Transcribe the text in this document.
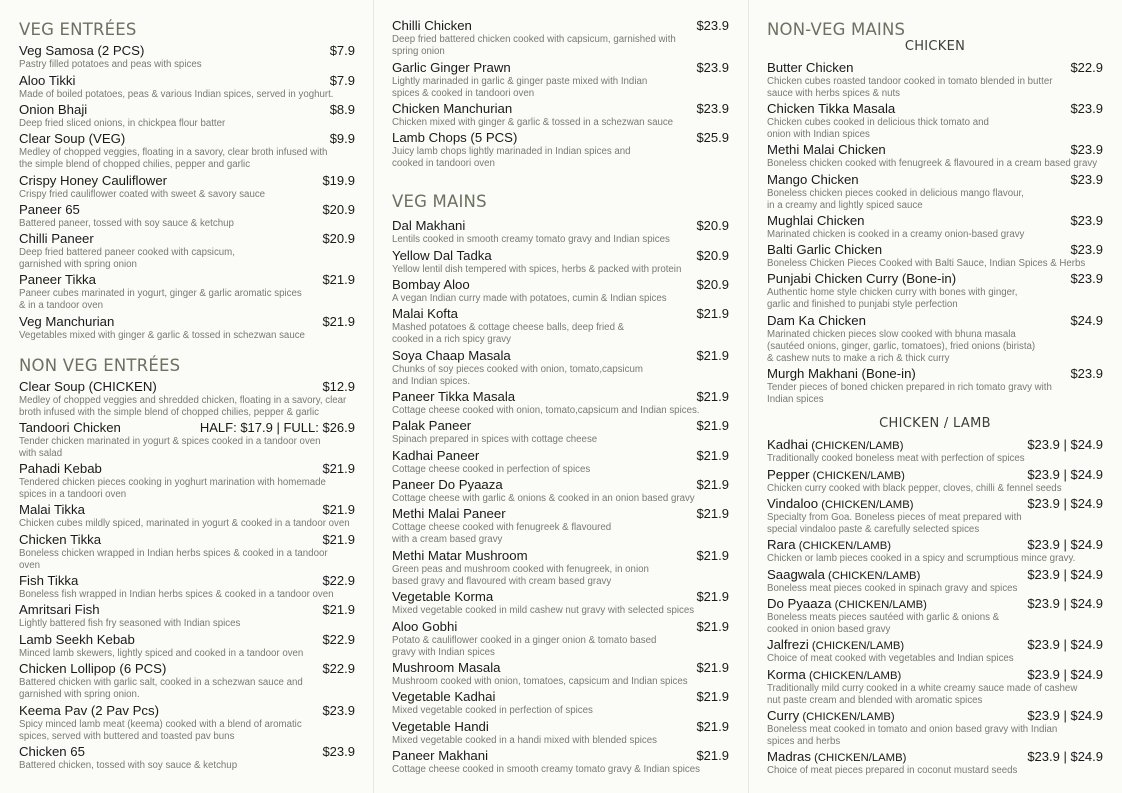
VEG ENTRÉES
Veg Samosa (2 PCS)	$7.9
Pastry filled potatoes and peas with spices
Aloo Tikki	$7.9
Made of boiled potatoes, peas & various Indian spices, served in yoghurt.
Onion Bhaji	$8.9
Deep fried sliced onions, in chickpea flour batter
Clear Soup (VEG)	$9.9
Medley of chopped veggies, floating in a savory, clear broth infused with
the simple blend of chopped chilies, pepper and garlic
Crispy Honey Cauliflower	$19.9
Crispy fried cauliflower coated with sweet & savory sauce
Paneer 65	$20.9
Battered paneer, tossed with soy sauce & ketchup
Chilli Paneer	$20.9
Deep fried battered paneer cooked with capsicum,
garnished with spring onion
Paneer Tikka	$21.9
Paneer cubes marinated in yogurt, ginger & garlic aromatic spices
& in a tandoor oven
Veg Manchurian	$21.9
Vegetables mixed with ginger & garlic & tossed in schezwan sauce
NON VEG ENTRÉES
Clear Soup (CHICKEN)	$12.9
Medley of chopped veggies and shredded chicken, floating in a savory, clear
broth infused with the simple blend of chopped chilies, pepper & garlic
Tandoori Chicken	HALF: $17.9 | FULL: $26.9
Tender chicken marinated in yogurt & spices cooked in a tandoor oven
with salad
Pahadi Kebab	$21.9
Tendered chicken pieces cooking in yoghurt marination with homemade
spices in a tandoori oven
Malai Tikka	$21.9
Chicken cubes mildly spiced, marinated in yogurt & cooked in a tandoor oven
Chicken Tikka	$21.9
Boneless chicken wrapped in Indian herbs spices & cooked in a tandoor
oven
Fish Tikka	$22.9
Boneless fish wrapped in Indian herbs spices & cooked in a tandoor oven
Amritsari Fish	$21.9
Lightly battered fish fry seasoned with Indian spices
Lamb Seekh Kebab	$22.9
Minced lamb skewers, lightly spiced and cooked in a tandoor oven
Chicken Lollipop (6 PCS)	$22.9
Battered chicken with garlic salt, cooked in a schezwan sauce and
garnished with spring onion.
Keema Pav (2 Pav Pcs)	$23.9
Spicy minced lamb meat (keema) cooked with a blend of aromatic
spices, served with buttered and toasted pav buns
Chicken 65	$23.9
Battered chicken, tossed with soy sauce & ketchup
Chilli Chicken	$23.9
Deep fried battered chicken cooked with capsicum, garnished with
spring onion
Garlic Ginger Prawn	$23.9
Lightly marinaded in garlic & ginger paste mixed with Indian
spices & cooked in tandoori oven
Chicken Manchurian	$23.9
Chicken mixed with ginger & garlic & tossed in a schezwan sauce
Lamb Chops (5 PCS)	$25.9
Juicy lamb chops lightly marinaded in Indian spices and
cooked in tandoori oven
VEG MAINS
Dal Makhani	$20.9
Lentils cooked in smooth creamy tomato gravy and Indian spices
Yellow Dal Tadka	$20.9
Yellow lentil dish tempered with spices, herbs & packed with protein
Bombay Aloo	$20.9
A vegan Indian curry made with potatoes, cumin & Indian spices
Malai Kofta	$21.9
Mashed potatoes & cottage cheese balls, deep fried &
cooked in a rich spicy gravy
Soya Chaap Masala	$21.9
Chunks of soy pieces cooked with onion, tomato,capsicum
and Indian spices.
Paneer Tikka Masala	$21.9
Cottage cheese cooked with onion, tomato,capsicum and Indian spices.
Palak Paneer	$21.9
Spinach prepared in spices with cottage cheese
Kadhai Paneer	$21.9
Cottage cheese cooked in perfection of spices
Paneer Do Pyaaza	$21.9
Cottage cheese with garlic & onions & cooked in an onion based gravy
Methi Malai Paneer	$21.9
Cottage cheese cooked with fenugreek & flavoured
with a cream based gravy
Methi Matar Mushroom	$21.9
Green peas and mushroom cooked with fenugreek, in onion
based gravy and flavoured with cream based gravy
Vegetable Korma	$21.9
Mixed vegetable cooked in mild cashew nut gravy with selected spices
Aloo Gobhi	$21.9
Potato & cauliflower cooked in a ginger onion & tomato based
gravy with Indian spices
Mushroom Masala	$21.9
Mushroom cooked with onion, tomatoes, capsicum and Indian spices
Vegetable Kadhai	$21.9
Mixed vegetable cooked in perfection of spices
Vegetable Handi	$21.9
Mixed vegetable cooked in a handi mixed with blended spices
Paneer Makhani	$21.9
Cottage cheese cooked in smooth creamy tomato gravy & Indian spices
NON-VEG MAINS
CHICKEN
Butter Chicken	$22.9
Chicken cubes roasted tandoor cooked in tomato blended in butter
sauce with herbs spices & nuts
Chicken Tikka Masala	$23.9
Chicken cubes cooked in delicious thick tomato and
onion with Indian spices
Methi Malai Chicken	$23.9
Boneless chicken cooked with fenugreek & flavoured in a cream based gravy
Mango Chicken	$23.9
Boneless chicken pieces cooked in delicious mango flavour,
in a creamy and lightly spiced sauce
Mughlai Chicken	$23.9
Marinated chicken is cooked in a creamy onion-based gravy
Balti Garlic Chicken	$23.9
Boneless Chicken Pieces Cooked with Balti Sauce, Indian Spices & Herbs
Punjabi Chicken Curry (Bone-in)	$23.9
Authentic home style chicken curry with bones with ginger,
garlic and finished to punjabi style perfection
Dam Ka Chicken	$24.9
Marinated chicken pieces slow cooked with bhuna masala
(sautéed onions, ginger, garlic, tomatoes), fried onions (birista)
& cashew nuts to make a rich & thick curry
Murgh Makhani (Bone-in)	$23.9
Tender pieces of boned chicken prepared in rich tomato gravy with
Indian spices
CHICKEN / LAMB
Kadhai (CHICKEN/LAMB)	$23.9 | $24.9
Traditionally cooked boneless meat with perfection of spices
Pepper (CHICKEN/LAMB)	$23.9 | $24.9
Chicken curry cooked with black pepper, cloves, chilli & fennel seeds
Vindaloo (CHICKEN/LAMB)	$23.9 | $24.9
Specialty from Goa. Boneless pieces of meat prepared with
special vindaloo paste & carefully selected spices
Rara (CHICKEN/LAMB)	$23.9 | $24.9
Chicken or lamb pieces cooked in a spicy and scrumptious mince gravy.
Saagwala (CHICKEN/LAMB)	$23.9 | $24.9
Boneless meat pieces cooked in spinach gravy and spices
Do Pyaaza (CHICKEN/LAMB)	$23.9 | $24.9
Boneless meats pieces sautéed with garlic & onions &
cooked in onion based gravy
Jalfrezi (CHICKEN/LAMB)	$23.9 | $24.9
Choice of meat cooked with vegetables and Indian spices
Korma (CHICKEN/LAMB)	$23.9 | $24.9
Traditionally mild curry cooked in a white creamy sauce made of cashew
nut paste cream and blended with aromatic spices
Curry (CHICKEN/LAMB)	$23.9 | $24.9
Boneless meat cooked in tomato and onion based gravy with Indian
spices and herbs
Madras (CHICKEN/LAMB)	$23.9 | $24.9
Choice of meat pieces prepared in coconut mustard seeds
